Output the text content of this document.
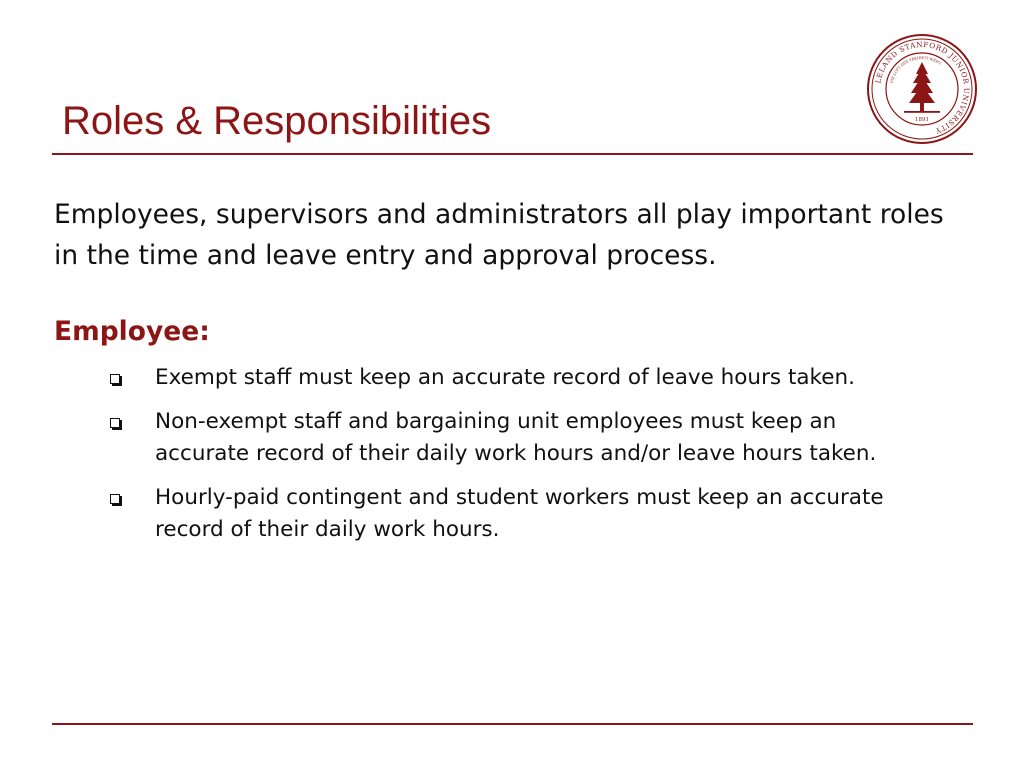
Roles & Responsibilities
LELAND STANFORD JUNIOR UNIVERSITY
DIE LUFT DER FREIHEIT WEHT
1891

Employees, supervisors and administrators all play important roles in the time and leave entry and approval process.

Employee:
Exempt staff must keep an accurate record of leave hours taken.
Non-exempt staff and bargaining unit employees must keep an accurate record of their daily work hours and/or leave hours taken.
Hourly-paid contingent and student workers must keep an accurate record of their daily work hours.
